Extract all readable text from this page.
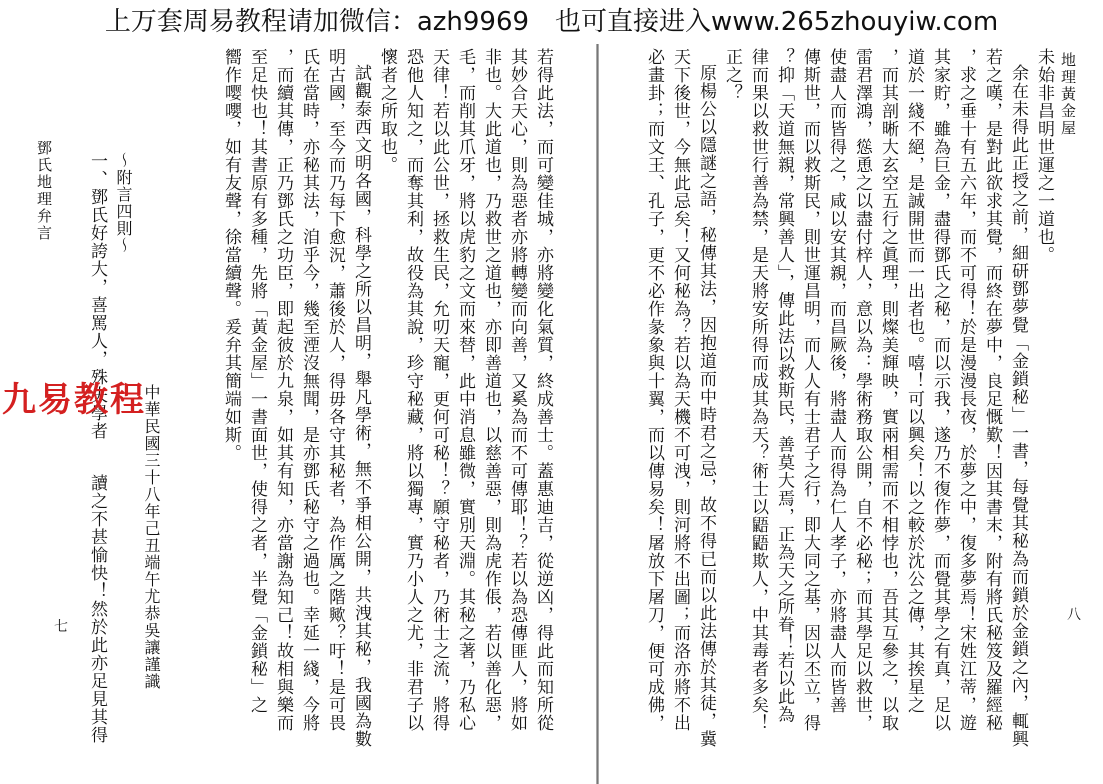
上万套周易教程请加微信：azh9969　也可直接进入www.265zhouyiw.com
地理黃金屋
八
未始非昌明世運之一道也。
余在未得此正授之前，細研鄧夢覺「金鎖秘」一書，每覺其秘為而鎖於金鎖之內，輒興
若之嘆，是對此欲求其覺，而終在夢中，良足慨歎！因其書末，附有將氏秘笈及羅經秘
，求之垂十有五六年，而不可得！於是漫漫長夜，於夢之中，復多夢焉！宋姓江蒂，遊
其家貯，雖為巨金，盡得鄧氏之秘，而以示我，遂乃不復作夢，而覺其學之有真，足以
道於一綫不絕，是誠開世而一出者也。嘻！可以興矣！以之較於沈公之傳，其挨星之
，而其剖晰大玄空五行之眞理，則燦美輝映，實兩相需而不相悖也，吾其互參之，以取
雷君澤鴻，慫恿之以盡付梓人，意以為：學術務取公開，自不必秘；而其學足以救世，
使盡人而皆得之，咸以安其親，而昌厥後，將盡人而得為仁人孝子，亦將盡人而皆善
傳斯世，而以救斯民，則世運昌明，而人人有士君子之行，即大同之基，因以丕立，得
？抑「天道無親，常興善人」，傳此法以救斯民，善莫大焉，正為天之所眷！若以此為
律而果以救世行善為禁，是天將安所得而成其為天？術士以鼯鼯欺人，中其毒者多矣！
正之？
原楊公以隱謎之語，秘傳其法，因抱道而中時君之忌，故不得已而以此法傳於其徒，冀
天下後世，今無此忌矣！又何秘為？若以為天機不可洩，則河將不出圖；而洛亦將不出
必畫卦；而文王、孔子，更不必作彖象與十翼，而以傳易矣！屠放下屠刀，便可成佛，
鄧氏地理弁言
七
若得此法，而可變佳城，亦將變化氣質，終成善士。蓋惠迪吉，從逆凶，得此而知所從
其妙合天心，則為惡者亦將轉變而向善，又奚為而不可傳耶！？若以為恐傳匪人，將如
非也。大此道也，乃救世之道也，亦即善道也，以慈善惡，則為虎作倀，若以善化惡，
毛，而削其爪牙，將以虎豹之文而來替，此中消息雖微，實別天淵。其秘之著，乃私心
天律！若以此公世，拯救生民，允叨天寵，更何可秘！？願守秘者，乃術士之流，將得
恐他人知之，而奪其利，故役為其說，珍守秘藏，將以獨專，實乃小人之尤，非君子以
懷者之所取也。
試觀泰西文明各國，科學之所以昌明，舉凡學術，無不爭相公開，共洩其秘，我國為數
明古國，至今而乃每下愈況，蕭後於人，得毋各守其秘者，為作厲之階歟？吁！是可畏
氏在當時，亦秘其法，洎乎今，幾至湮沒無聞，是亦鄧氏秘守之過也。幸延一綫，今將
，而續其傳，正乃鄧氏之功臣，即起彼於九泉，如其有知，亦當謝為知己！故相與樂而
至足快也！其書原有多種，先將「黃金屋」一書面世，使得之者，半覺「金鎖秘」之
嚮作嘤嚶，如有友聲，徐當續聲。爰弁其簡端如斯。
中華民國三十八年己丑端午尤恭吳讓謹識
～附言四則～
一、鄧氏好誇大，喜罵人，殊失學者
讀之不甚愉快！然於此亦足見其得
九易教程
